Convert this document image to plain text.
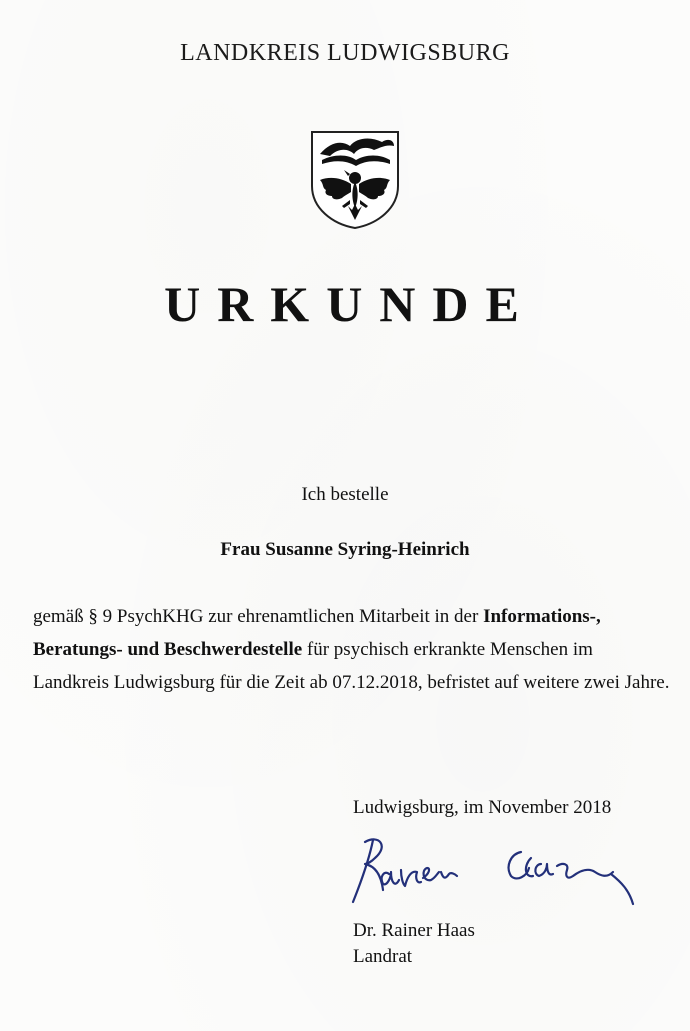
LANDKREIS LUDWIGSBURG
URKUNDE
Ich bestelle
Frau Susanne Syring-Heinrich
gemäß § 9 PsychKHG zur ehrenamtlichen Mitarbeit in der Informations-, Beratungs- und Beschwerdestelle für psychisch erkrankte Menschen im Landkreis Ludwigsburg für die Zeit ab 07.12.2018, befristet auf weitere zwei Jahre.
Ludwigsburg, im November 2018
Dr. Rainer Haas
Landrat
